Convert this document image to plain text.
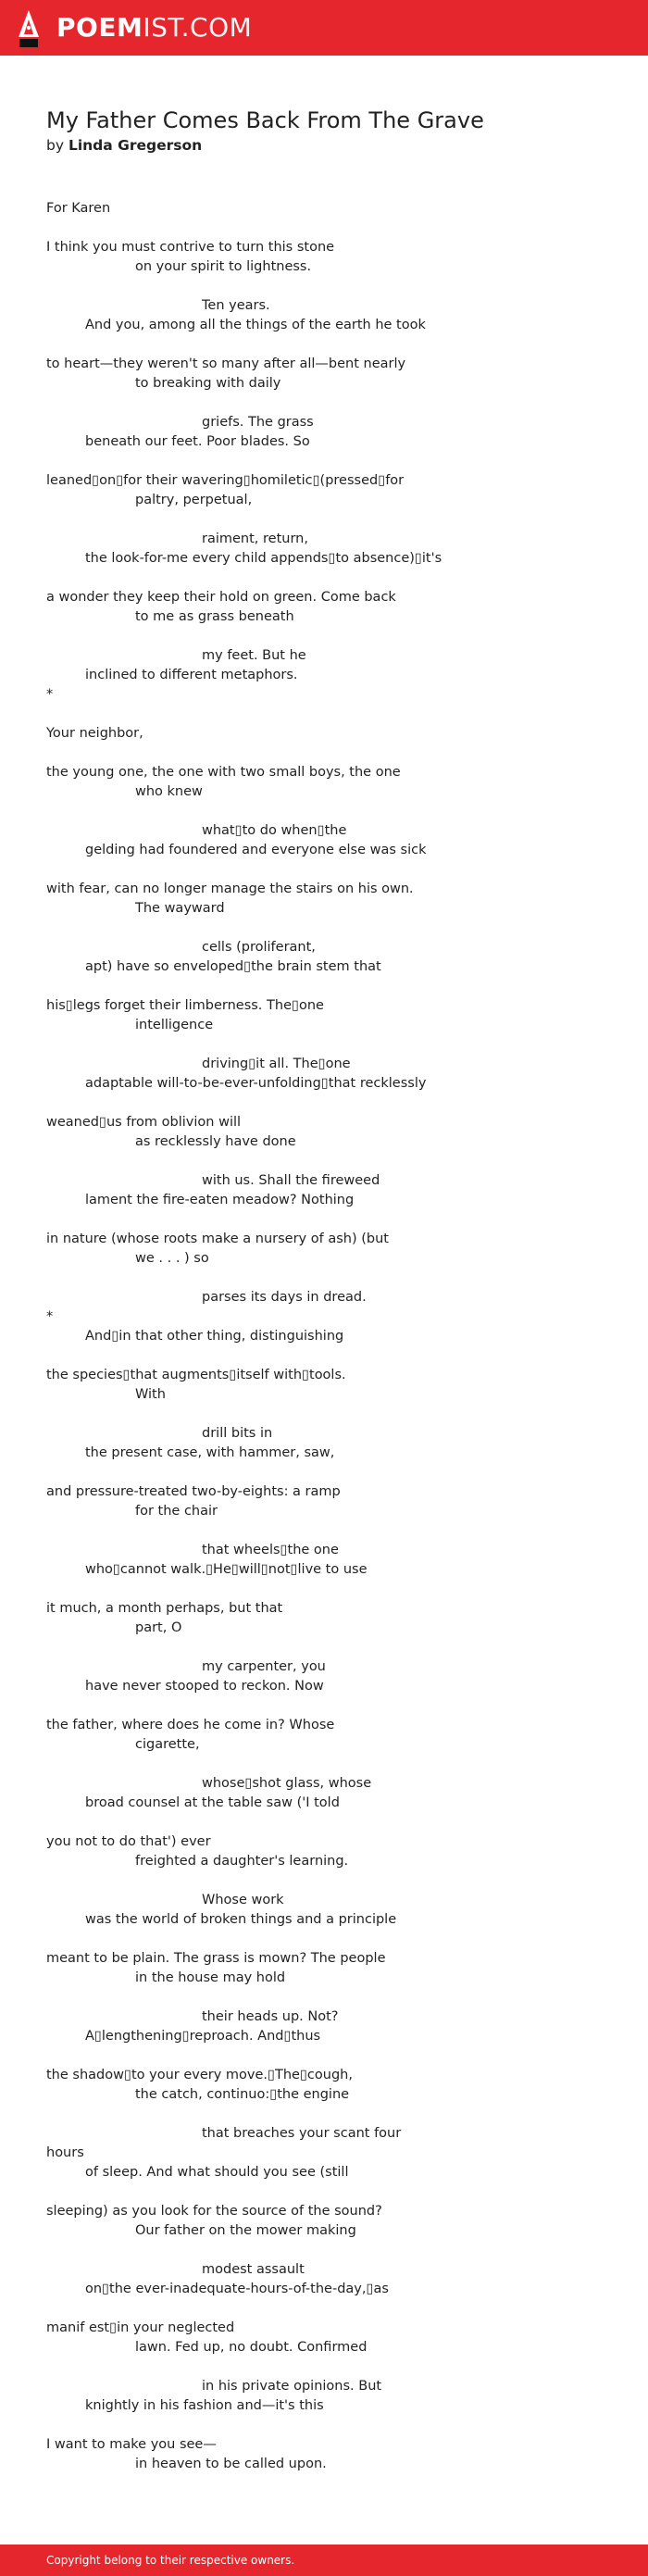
POEMIST.COM
My Father Comes Back From The Grave
by Linda Gregerson
For Karen
I think you must contrive to turn this stone
on your spirit to lightness.
Ten years.
And you, among all the things of the earth he took
to heart—they weren't so many after all—bent nearly
to breaking with daily
griefs. The grass
beneath our feet. Poor blades. So
leaned▯on▯for their wavering▯homiletic▯(pressed▯for
paltry, perpetual,
raiment, return,
the look-for-me every child appends▯to absence)▯it's
a wonder they keep their hold on green. Come back
to me as grass beneath
my feet. But he
inclined to different metaphors.
*
Your neighbor,
the young one, the one with two small boys, the one
who knew
what▯to do when▯the
gelding had foundered and everyone else was sick
with fear, can no longer manage the stairs on his own.
The wayward
cells (proliferant,
apt) have so enveloped▯the brain stem that
his▯legs forget their limberness. The▯one
intelligence
driving▯it all. The▯one
adaptable will-to-be-ever-unfolding▯that recklessly
weaned▯us from oblivion will
as recklessly have done
with us. Shall the fireweed
lament the fire-eaten meadow? Nothing
in nature (whose roots make a nursery of ash) (but
we . . . ) so
parses its days in dread.
*
And▯in that other thing, distinguishing
the species▯that augments▯itself with▯tools.
With
drill bits in
the present case, with hammer, saw,
and pressure-treated two-by-eights: a ramp
for the chair
that wheels▯the one
who▯cannot walk.▯He▯will▯not▯live to use
it much, a month perhaps, but that
part, O
my carpenter, you
have never stooped to reckon. Now
the father, where does he come in? Whose
cigarette,
whose▯shot glass, whose
broad counsel at the table saw ('I told
you not to do that') ever
freighted a daughter's learning.
Whose work
was the world of broken things and a principle
meant to be plain. The grass is mown? The people
in the house may hold
their heads up. Not?
A▯lengthening▯reproach. And▯thus
the shadow▯to your every move.▯The▯cough,
the catch, continuo:▯the engine
that breaches your scant four
hours
of sleep. And what should you see (still
sleeping) as you look for the source of the sound?
Our father on the mower making
modest assault
on▯the ever-inadequate-hours-of-the-day,▯as
manif est▯in your neglected
lawn. Fed up, no doubt. Confirmed
in his private opinions. But
knightly in his fashion and—it's this
I want to make you see—
in heaven to be called upon.
Copyright belong to their respective owners.
